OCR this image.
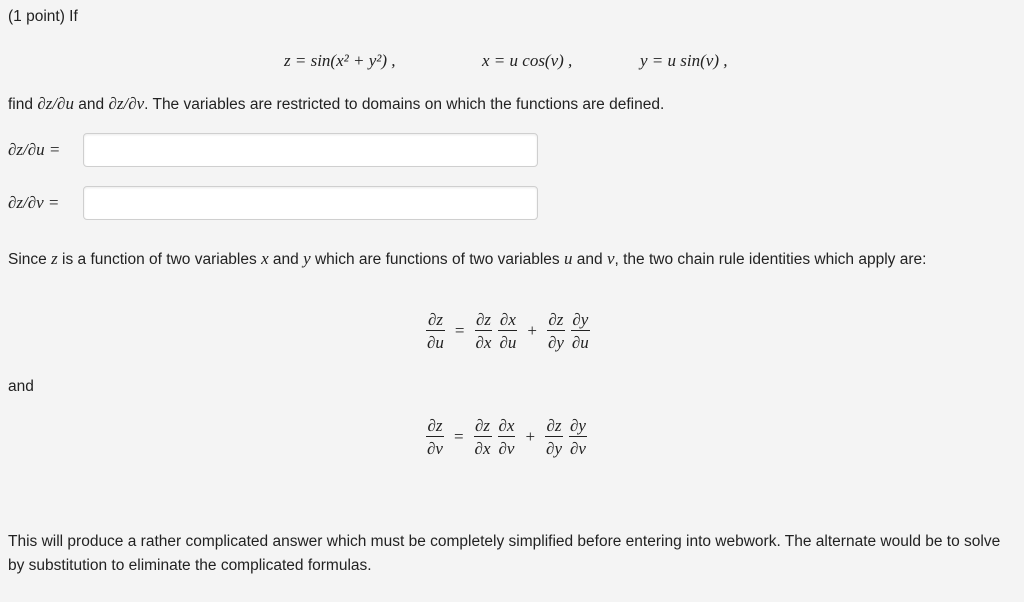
(1 point) If
z = sin(x² + y²) ,	x = u cos(v) ,	y = u sin(v) ,
find ∂z/∂u and ∂z/∂v. The variables are restricted to domains on which the functions are defined.
∂z/∂u =
∂z/∂v =
Since z is a function of two variables x and y which are functions of two variables u and v, the two chain rule identities which apply are:
$\frac{\partial z}{\partial u} = \frac{\partial z}{\partial x} \frac{\partial x}{\partial u} + \frac{\partial z}{\partial y} \frac{\partial y}{\partial u}$
and
$\frac{\partial z}{\partial v} = \frac{\partial z}{\partial x} \frac{\partial x}{\partial v} + \frac{\partial z}{\partial y} \frac{\partial y}{\partial v}$
This will produce a rather complicated answer which must be completely simplified before entering into webwork. The alternate would be to solve by substitution to eliminate the complicated formulas.
